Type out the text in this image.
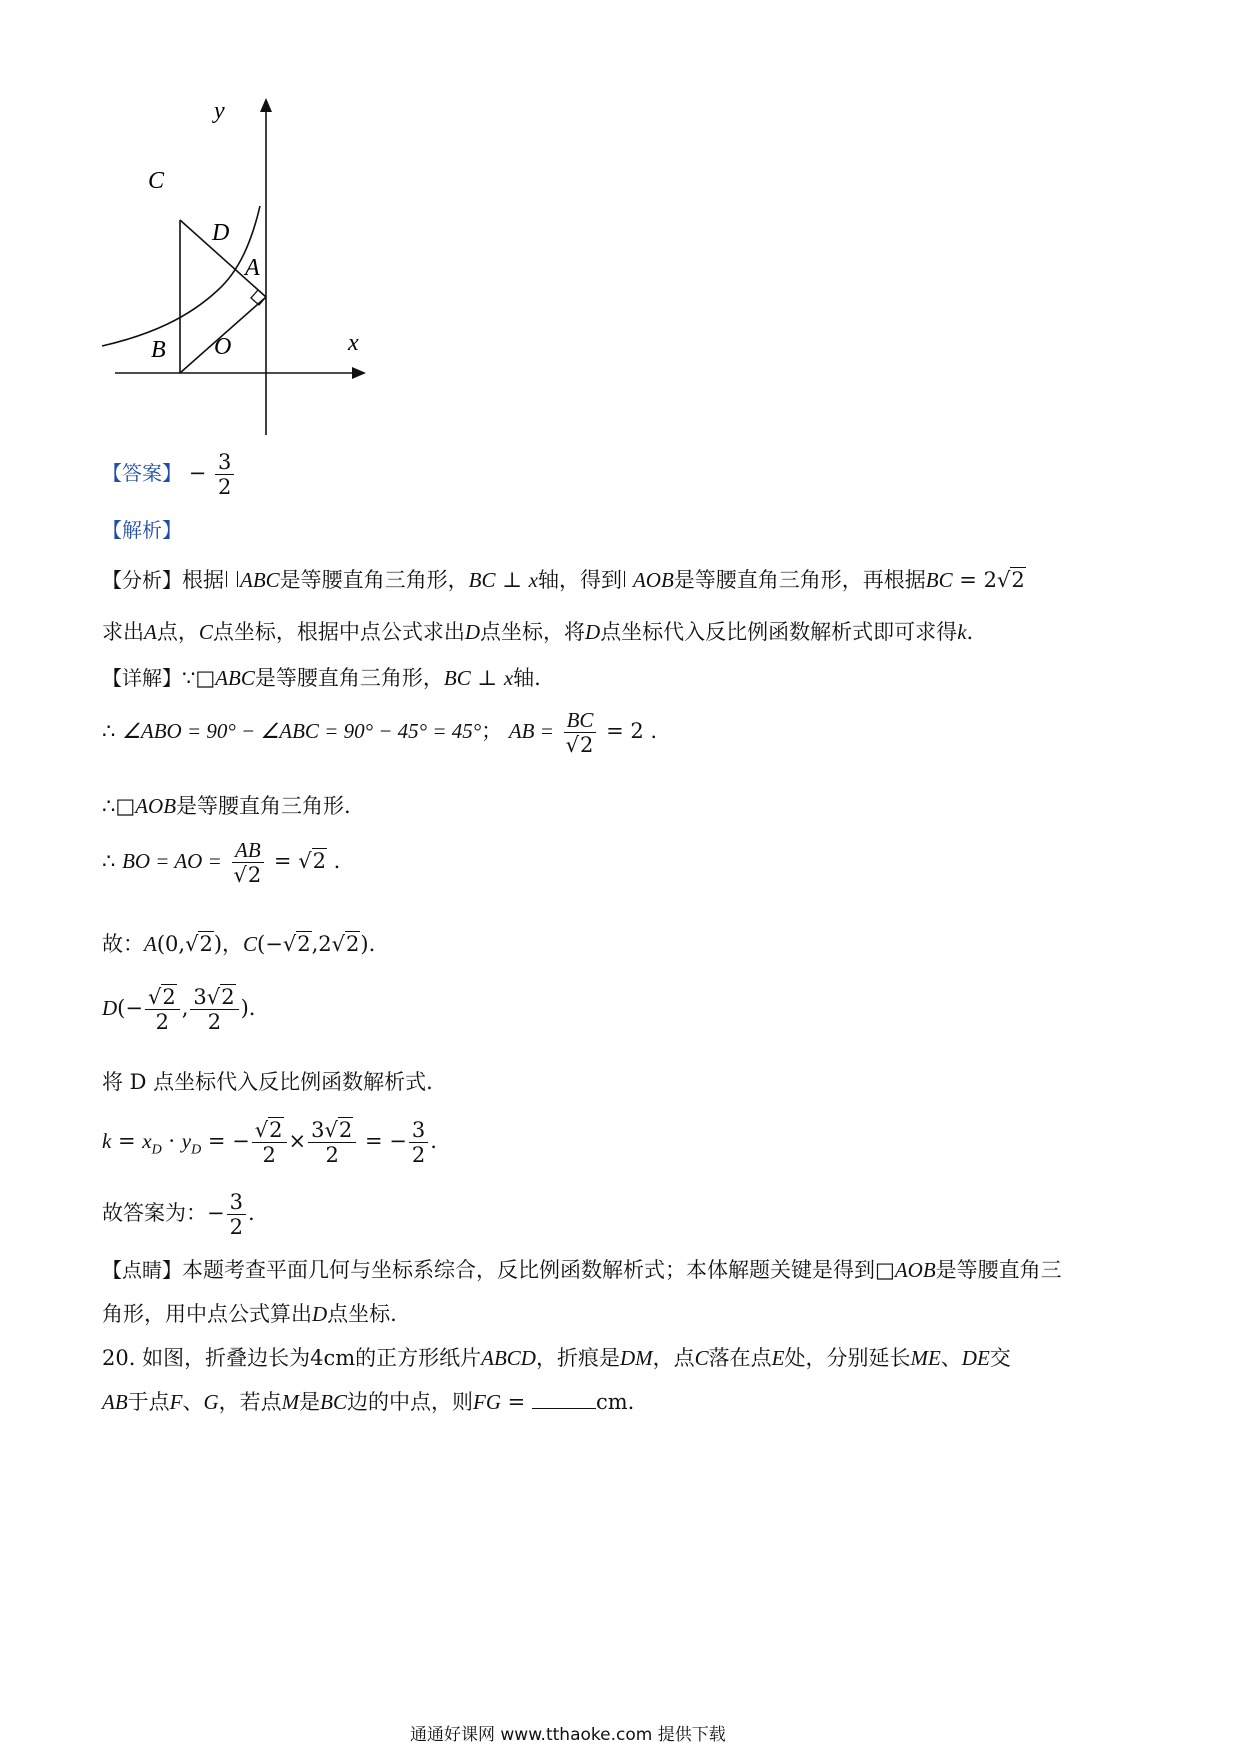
y
x
C
D
A
B O
【答案】 − $\frac{3}{2}$
【解析】
【分析】根据 ABC是等腰直角三角形，BC ⊥ x轴，得到 AOB是等腰直角三角形，再根据BC = 2√2
求出A点，C点坐标，根据中点公式求出D点坐标，将D点坐标代入反比例函数解析式即可求得k.
【详解】∵□ABC是等腰直角三角形，BC ⊥ x轴.
∴ ∠ABO = 90° − ∠ABC = 90° − 45° = 45°； AB = $\frac{BC}{√2} = 2$ .
∴□AOB是等腰直角三角形.
∴ BO = AO = $\frac{AB}{√2} = √2$ .
故：A(0,√2)，C(−√2,2√2).
$D(- \frac{√2}{2}$ , $\frac{3√2}{2}$ ).
将 D 点坐标代入反比例函数解析式.
$k = x_D \cdot y_D$ = − $\frac{√2}{2} \times \frac{3√2}{2}$ = − $\frac{3}{2}$ .
故答案为：− $\frac{3}{2}$ .
【点睛】本题考查平面几何与坐标系综合，反比例函数解析式；本体解题关键是得到□AOB是等腰直角三
角形，用中点公式算出D点坐标.
20. 如图，折叠边长为4cm的正方形纸片ABCD，折痕是DM，点C落在点E处，分别延长ME、DE交
AB于点F、G，若点M是BC边的中点，则FG =	cm.
通通好课网 www.tthaoke.com 提供下载
